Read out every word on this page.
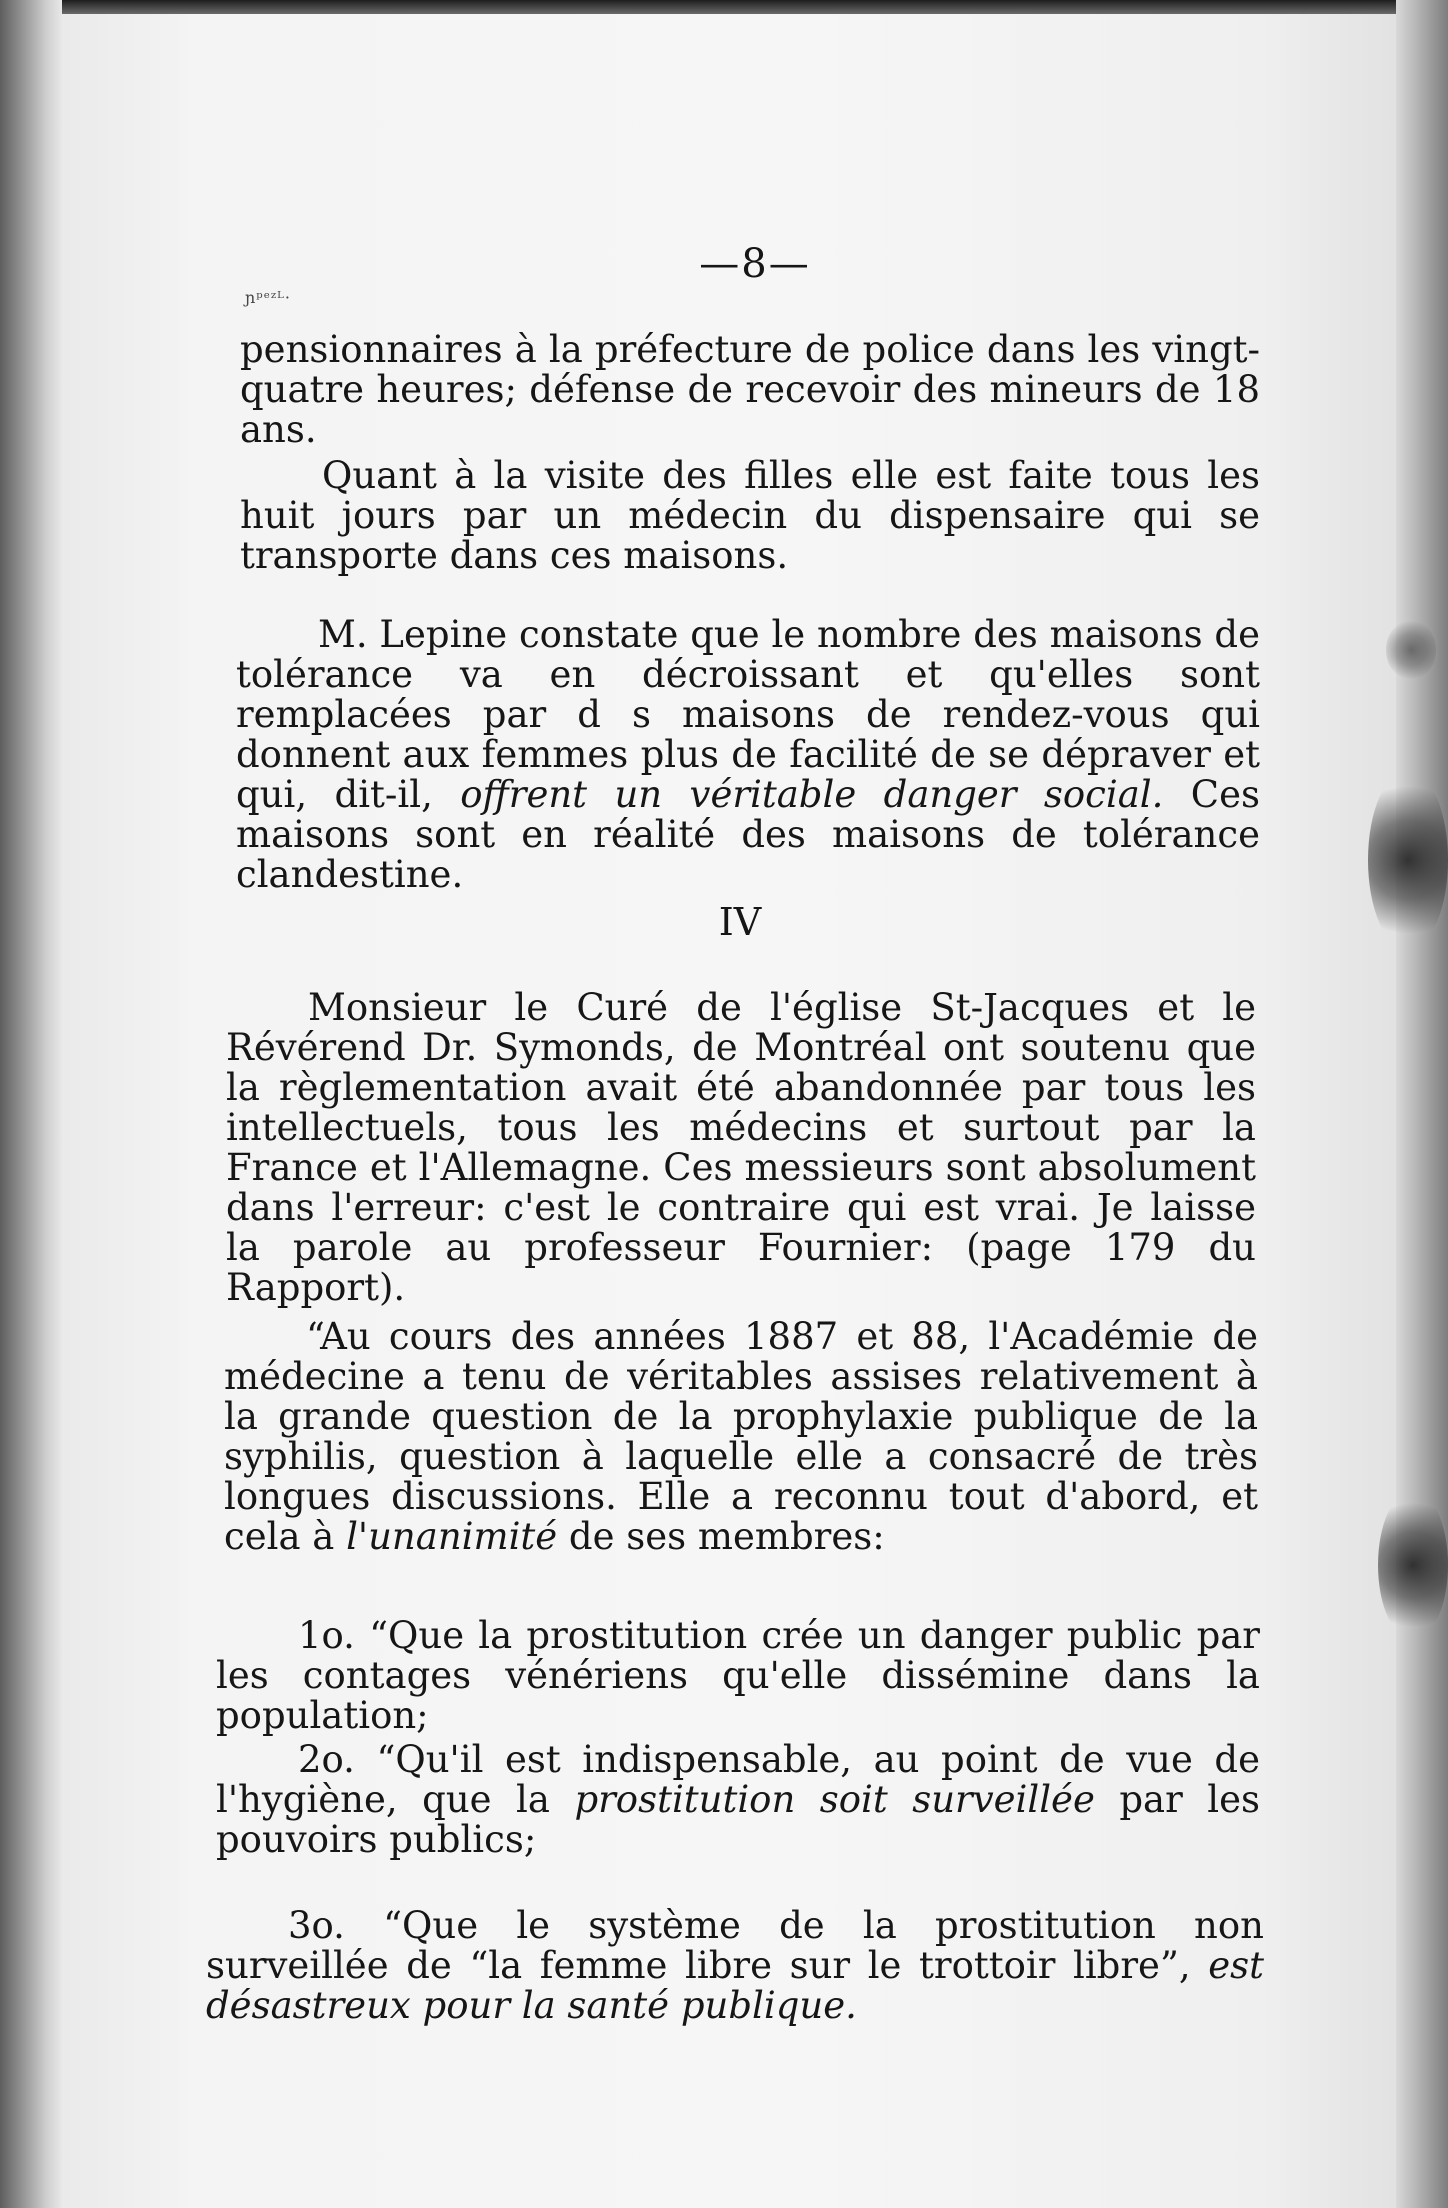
—8—
ɲᵖᵉᶻᴸ·
pensionnaires à la préfecture de police dans les vingt-quatre heures; défense de recevoir des mineurs de 18 ans.
Quant à la visite des filles elle est faite tous les huit jours par un médecin du dispensaire qui se transporte dans ces maisons.
M. Lepine constate que le nombre des maisons de tolérance va en décroissant et qu'elles sont remplacées par d s maisons de rendez-vous qui donnent aux femmes plus de facilité de se dépraver et qui, dit-il, offrent un véritable danger social. Ces maisons sont en réalité des maisons de tolérance clandestine.
IV
Monsieur le Curé de l'église St-Jacques et le Révérend Dr. Symonds, de Montréal ont soutenu que la règlementation avait été abandonnée par tous les intellectuels, tous les médecins et surtout par la France et l'Allemagne. Ces messieurs sont absolument dans l'erreur: c'est le contraire qui est vrai. Je laisse la parole au professeur Fournier: (page 179 du Rapport).
“Au cours des années 1887 et 88, l'Académie de médecine a tenu de véritables assises relativement à la grande question de la prophylaxie publique de la syphilis, question à laquelle elle a consacré de très longues discussions. Elle a reconnu tout d'abord, et cela à l'unanimité de ses membres:
1o. “Que la prostitution crée un danger public par les contages vénériens qu'elle dissémine dans la population;
2o. “Qu'il est indispensable, au point de vue de l'hygiène, que la prostitution soit surveillée par les pouvoirs publics;
3o. “Que le système de la prostitution non surveillée de “la femme libre sur le trottoir libre”, est désastreux pour la santé publique.
